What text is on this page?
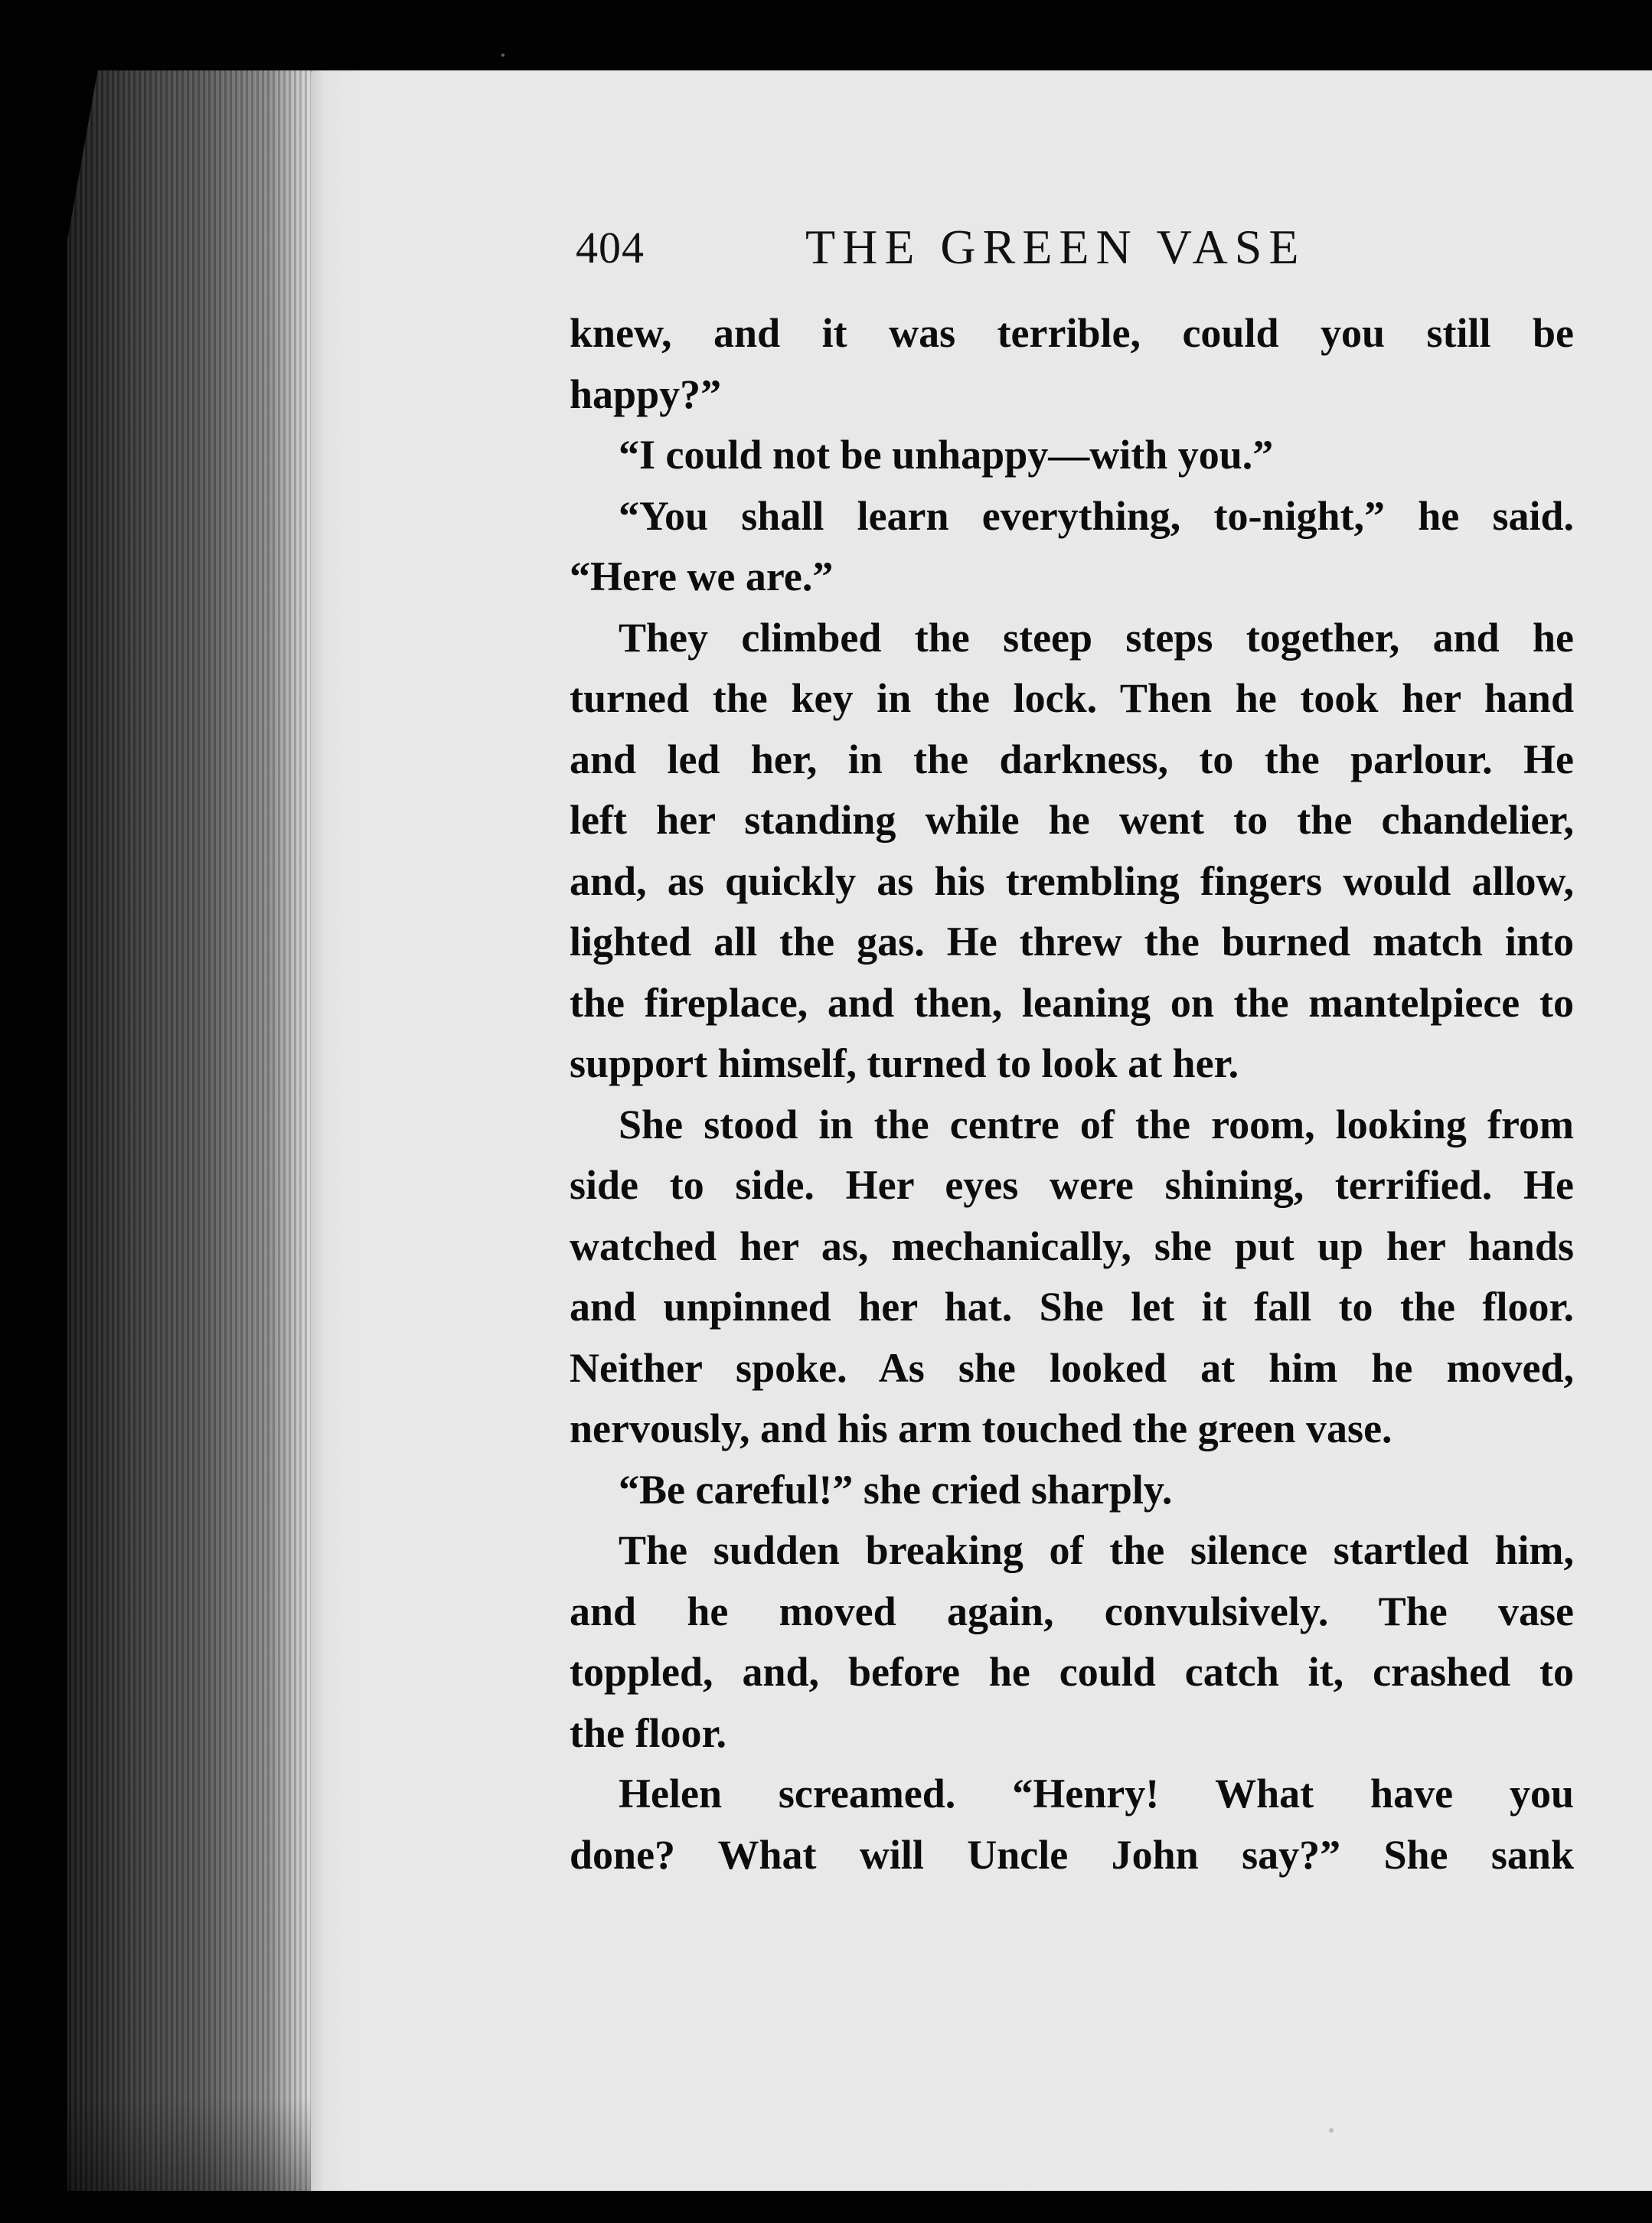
404	THE GREEN VASE
knew, and it was terrible, could you still be
happy?”
“I could not be unhappy—with you.”
“You shall learn everything, to-night,” he said.
“Here we are.”
They climbed the steep steps together, and he
turned the key in the lock. Then he took her hand
and led her, in the darkness, to the parlour. He
left her standing while he went to the chandelier,
and, as quickly as his trembling fingers would allow,
lighted all the gas. He threw the burned match into
the fireplace, and then, leaning on the mantelpiece to
support himself, turned to look at her.
She stood in the centre of the room, looking from
side to side. Her eyes were shining, terrified. He
watched her as, mechanically, she put up her hands
and unpinned her hat. She let it fall to the floor.
Neither spoke. As she looked at him he moved,
nervously, and his arm touched the green vase.
“Be careful!” she cried sharply.
The sudden breaking of the silence startled him,
and he moved again, convulsively. The vase
toppled, and, before he could catch it, crashed to
the floor.
Helen screamed. “Henry! What have you
done? What will Uncle John say?” She sank
